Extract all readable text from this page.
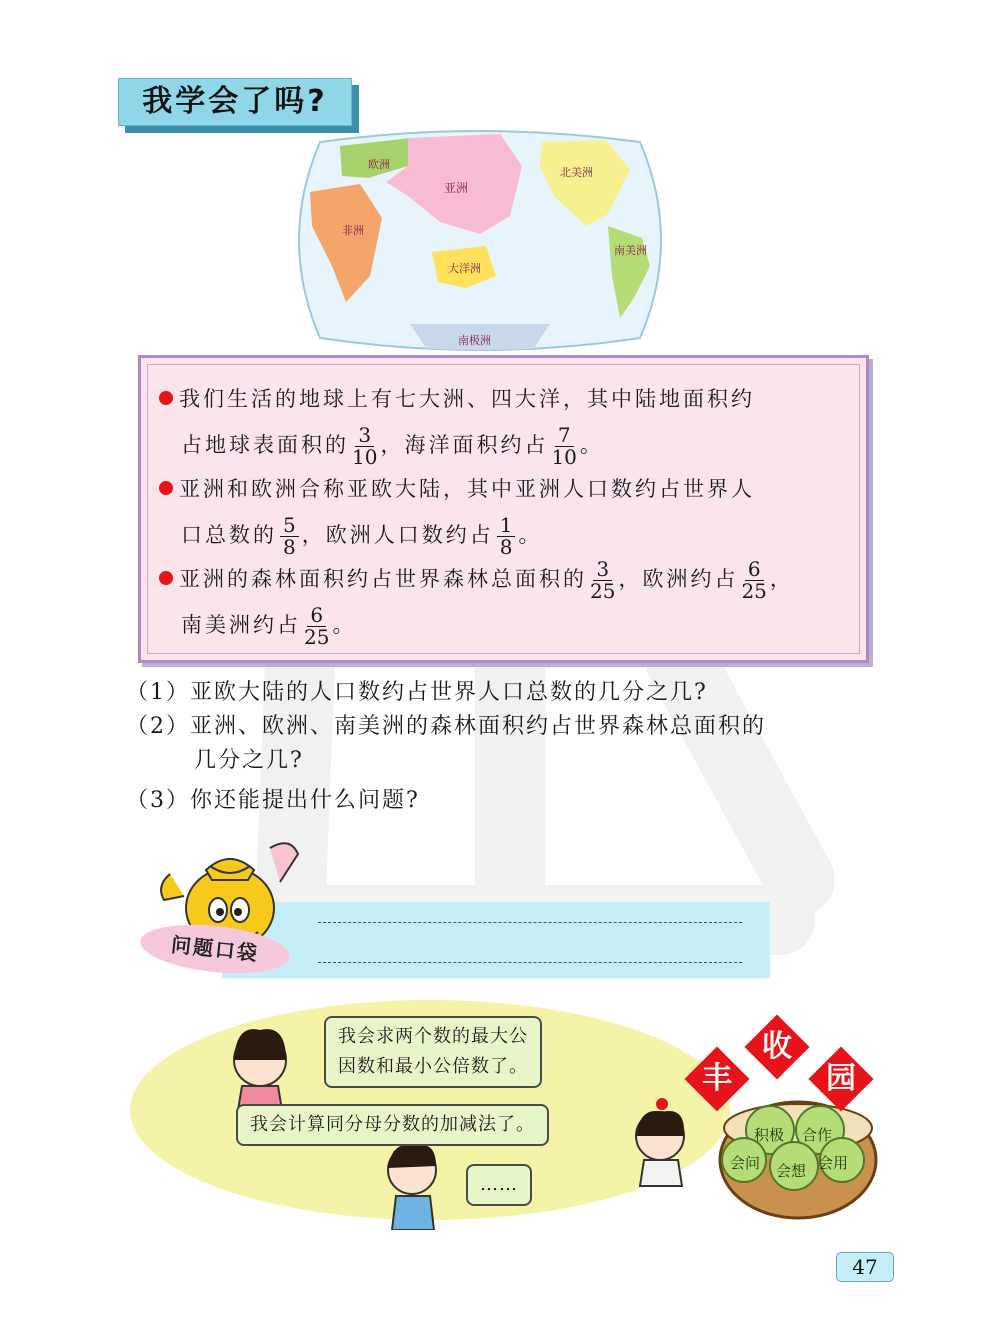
我学会了吗?
欧洲
亚洲
非洲
大洋洲
北美洲
南美洲
南极洲
我们生活的地球上有七大洲、四大洋，其中陆地面积约
占地球表面积的 $\frac{3}{10}$ ，海洋面积约占 $\frac{7}{10}$ 。
亚洲和欧洲合称亚欧大陆，其中亚洲人口数约占世界人
口总数的 $\frac{5}{8}$ ，欧洲人口数约占 $\frac{1}{8}$ 。
亚洲的森林面积约占世界森林总面积的 $\frac{3}{25}$ ，欧洲约占 $\frac{6}{25}$ ，
南美洲约占 $\frac{6}{25}$ 。
（1）亚欧大陆的人口数约占世界人口总数的几分之几?
（2）亚洲、欧洲、南美洲的森林面积约占世界森林总面积的
几分之几?
（3）你还能提出什么问题?
问题口袋
丰
收
园
积极 合作
会问 会想 会用
我会求两个数的最大公
因数和最小公倍数了。
我会计算同分母分数的加减法了。
……
47
